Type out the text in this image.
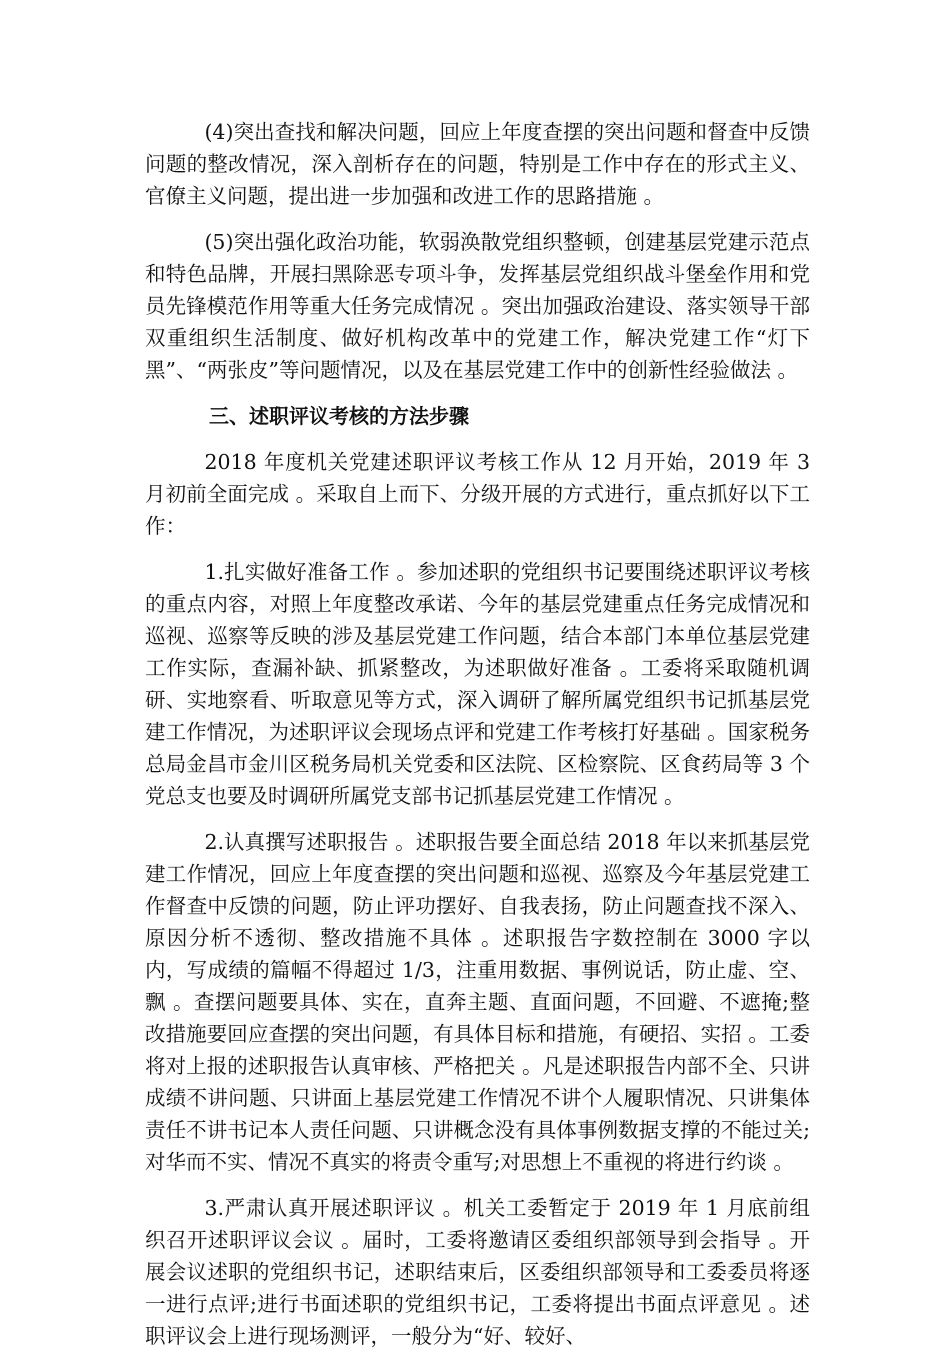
(4)突出查找和解决问题，回应上年度查摆的突出问题和督查中反馈问题的整改情况，深入剖析存在的问题，特别是工作中存在的形式主义、官僚主义问题，提出进一步加强和改进工作的思路措施 。

(5)突出强化政治功能，软弱涣散党组织整顿，创建基层党建示范点和特色品牌，开展扫黑除恶专项斗争，发挥基层党组织战斗堡垒作用和党员先锋模范作用等重大任务完成情况 。突出加强政治建设、落实领导干部双重组织生活制度、做好机构改革中的党建工作，解决党建工作“灯下黑”、“两张皮”等问题情况，以及在基层党建工作中的创新性经验做法 。

三、述职评议考核的方法步骤

2018 年度机关党建述职评议考核工作从 12 月开始，2019 年 3 月初前全面完成 。采取自上而下、分级开展的方式进行，重点抓好以下工作：

1.扎实做好准备工作 。参加述职的党组织书记要围绕述职评议考核的重点内容，对照上年度整改承诺、今年的基层党建重点任务完成情况和巡视、巡察等反映的涉及基层党建工作问题，结合本部门本单位基层党建工作实际，查漏补缺、抓紧整改，为述职做好准备 。工委将采取随机调研、实地察看、听取意见等方式，深入调研了解所属党组织书记抓基层党建工作情况，为述职评议会现场点评和党建工作考核打好基础 。国家税务总局金昌市金川区税务局机关党委和区法院、区检察院、区食药局等 3 个党总支也要及时调研所属党支部书记抓基层党建工作情况 。

2.认真撰写述职报告 。述职报告要全面总结 2018 年以来抓基层党建工作情况，回应上年度查摆的突出问题和巡视、巡察及今年基层党建工作督查中反馈的问题，防止评功摆好、自我表扬，防止问题查找不深入、原因分析不透彻、整改措施不具体 。述职报告字数控制在 3000 字以内，写成绩的篇幅不得超过 1/3，注重用数据、事例说话，防止虚、空、飘 。查摆问题要具体、实在，直奔主题、直面问题，不回避、不遮掩;整改措施要回应查摆的突出问题，有具体目标和措施，有硬招、实招 。工委将对上报的述职报告认真审核、严格把关 。凡是述职报告内部不全、只讲成绩不讲问题、只讲面上基层党建工作情况不讲个人履职情况、只讲集体责任不讲书记本人责任问题、只讲概念没有具体事例数据支撑的不能过关;对华而不实、情况不真实的将责令重写;对思想上不重视的将进行约谈 。

3.严肃认真开展述职评议 。机关工委暂定于 2019 年 1 月底前组织召开述职评议会议 。届时，工委将邀请区委组织部领导到会指导 。开展会议述职的党组织书记，述职结束后，区委组织部领导和工委委员将逐一进行点评;进行书面述职的党组织书记，工委将提出书面点评意见 。述职评议会上进行现场测评，一般分为“好、较好、
